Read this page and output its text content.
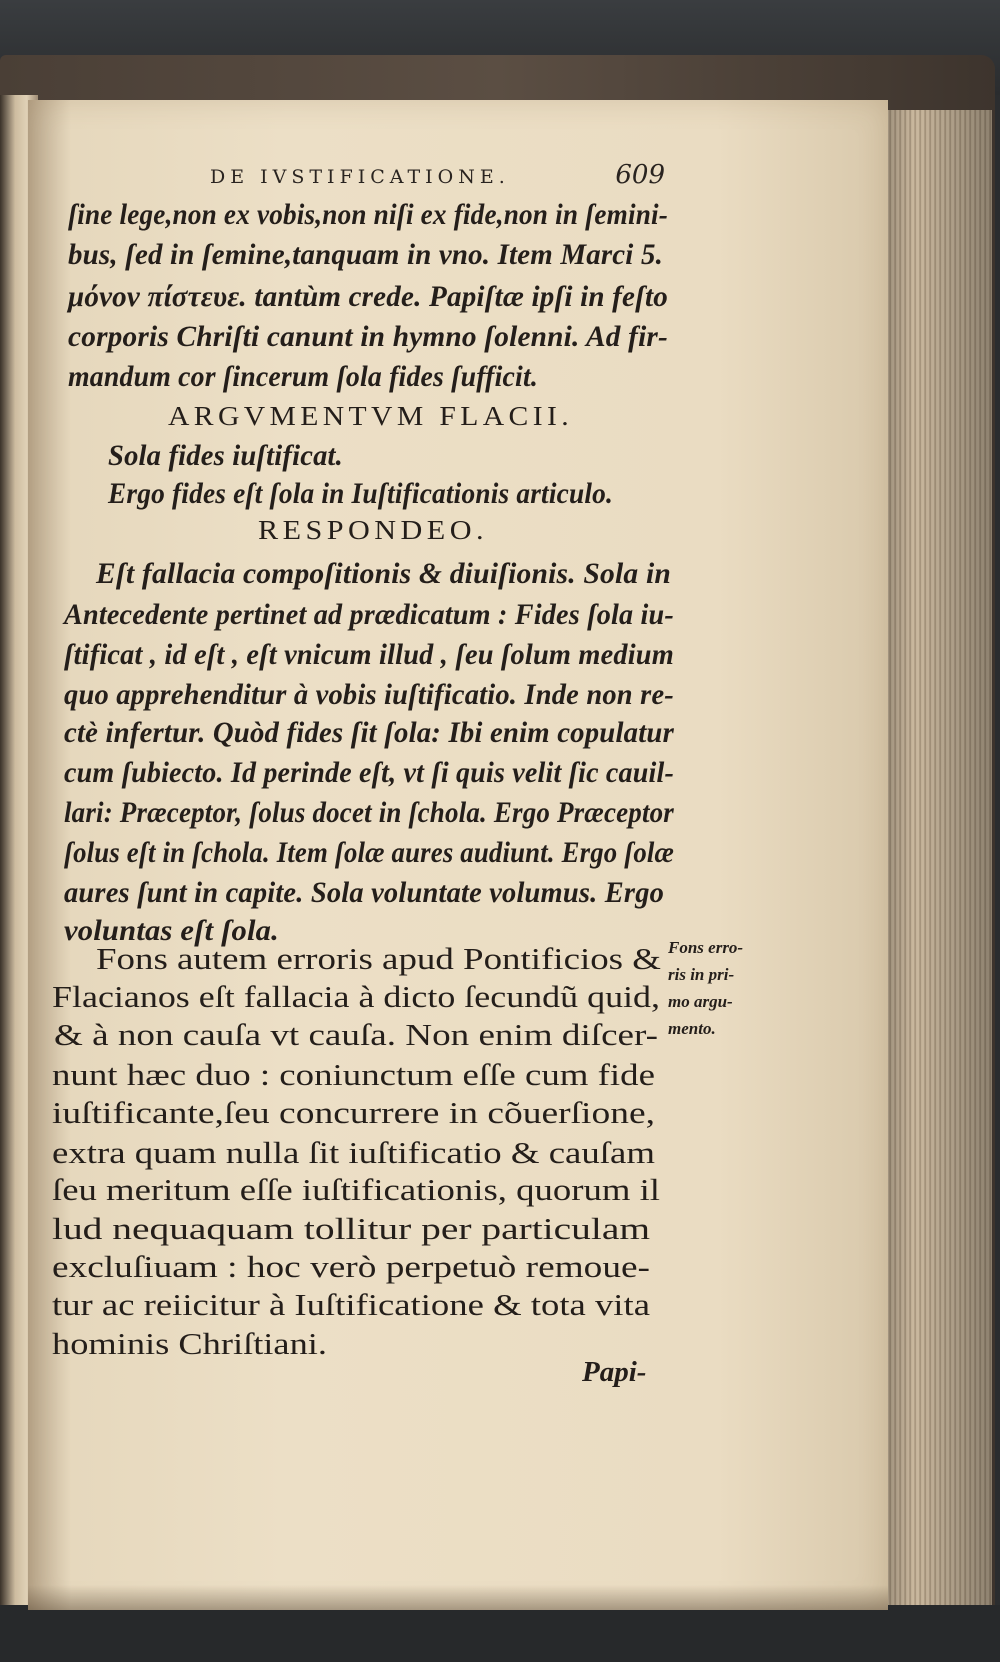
DE IVSTIFICATIONE.	609
ſine lege,non ex vobis,non niſi ex fide,non in ſemini-
bus, ſed in ſemine,tanquam in vno. Item Marci 5.
μόνον πίστευε. tantùm crede. Papiſtæ ipſi in feſto
corporis Chriſti canunt in hymno ſolenni. Ad fir-
mandum cor ſincerum ſola fides ſufficit.
ARGVMENTVM FLACII.
Sola fides iuſtificat.
Ergo fides eſt ſola in Iuſtificationis articulo.
RESPONDEO.
Eſt fallacia compoſitionis & diuiſionis. Sola in
Antecedente pertinet ad prædicatum : Fides ſola iu-
ſtificat , id eſt , eſt vnicum illud , ſeu ſolum medium
quo apprehenditur à vobis iuſtificatio. Inde non re-
ctè infertur. Quòd fides ſit ſola: Ibi enim copulatur
cum ſubiecto. Id perinde eſt, vt ſi quis velit ſic cauil-
lari: Præceptor, ſolus docet in ſchola. Ergo Præceptor
ſolus eſt in ſchola. Item ſolæ aures audiunt. Ergo ſolæ
aures ſunt in capite. Sola voluntate volumus. Ergo
voluntas eſt ſola.
Fons autem erroris apud Pontificios &
Flacianos eſt fallacia à dicto ſecundũ quid,
& à non cauſa vt cauſa. Non enim diſcer-
nunt hæc duo : coniunctum eſſe cum fide
iuſtificante,ſeu concurrere in cõuerſione,
extra quam nulla ſit iuſtificatio & cauſam
ſeu meritum eſſe iuſtificationis, quorum il
lud nequaquam tollitur per particulam
excluſiuam : hoc verò perpetuò remoue-
tur ac reiicitur à Iuſtificatione & tota vita
hominis Chriſtiani.
Fons erro-
ris in pri-
mo argu-
mento.
Papi-
